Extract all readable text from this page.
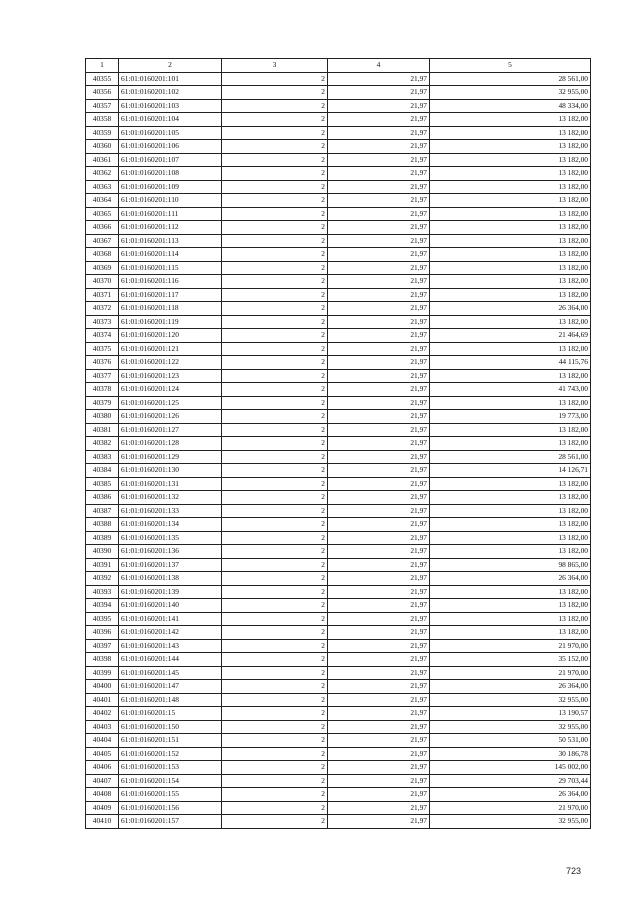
1	2	3	4	5
40355	61:01:0160201:101	2	21,97	28 561,00
40356	61:01:0160201:102	2	21,97	32 955,00
40357	61:01:0160201:103	2	21,97	48 334,00
40358	61:01:0160201:104	2	21,97	13 182,00
40359	61:01:0160201:105	2	21,97	13 182,00
40360	61:01:0160201:106	2	21,97	13 182,00
40361	61:01:0160201:107	2	21,97	13 182,00
40362	61:01:0160201:108	2	21,97	13 182,00
40363	61:01:0160201:109	2	21,97	13 182,00
40364	61:01:0160201:110	2	21,97	13 182,00
40365	61:01:0160201:111	2	21,97	13 182,00
40366	61:01:0160201:112	2	21,97	13 182,00
40367	61:01:0160201:113	2	21,97	13 182,00
40368	61:01:0160201:114	2	21,97	13 182,00
40369	61:01:0160201:115	2	21,97	13 182,00
40370	61:01:0160201:116	2	21,97	13 182,00
40371	61:01:0160201:117	2	21,97	13 182,00
40372	61:01:0160201:118	2	21,97	26 364,00
40373	61:01:0160201:119	2	21,97	13 182,00
40374	61:01:0160201:120	2	21,97	21 464,69
40375	61:01:0160201:121	2	21,97	13 182,00
40376	61:01:0160201:122	2	21,97	44 115,76
40377	61:01:0160201:123	2	21,97	13 182,00
40378	61:01:0160201:124	2	21,97	41 743,00
40379	61:01:0160201:125	2	21,97	13 182,00
40380	61:01:0160201:126	2	21,97	19 773,00
40381	61:01:0160201:127	2	21,97	13 182,00
40382	61:01:0160201:128	2	21,97	13 182,00
40383	61:01:0160201:129	2	21,97	28 561,00
40384	61:01:0160201:130	2	21,97	14 126,71
40385	61:01:0160201:131	2	21,97	13 182,00
40386	61:01:0160201:132	2	21,97	13 182,00
40387	61:01:0160201:133	2	21,97	13 182,00
40388	61:01:0160201:134	2	21,97	13 182,00
40389	61:01:0160201:135	2	21,97	13 182,00
40390	61:01:0160201:136	2	21,97	13 182,00
40391	61:01:0160201:137	2	21,97	98 865,00
40392	61:01:0160201:138	2	21,97	26 364,00
40393	61:01:0160201:139	2	21,97	13 182,00
40394	61:01:0160201:140	2	21,97	13 182,00
40395	61:01:0160201:141	2	21,97	13 182,00
40396	61:01:0160201:142	2	21,97	13 182,00
40397	61:01:0160201:143	2	21,97	21 970,00
40398	61:01:0160201:144	2	21,97	35 152,00
40399	61:01:0160201:145	2	21,97	21 970,00
40400	61:01:0160201:147	2	21,97	26 364,00
40401	61:01:0160201:148	2	21,97	32 955,00
40402	61:01:0160201:15	2	21,97	13 190,57
40403	61:01:0160201:150	2	21,97	32 955,00
40404	61:01:0160201:151	2	21,97	50 531,00
40405	61:01:0160201:152	2	21,97	30 186,78
40406	61:01:0160201:153	2	21,97	145 002,00
40407	61:01:0160201:154	2	21,97	29 703,44
40408	61:01:0160201:155	2	21,97	26 364,00
40409	61:01:0160201:156	2	21,97	21 970,00
40410	61:01:0160201:157	2	21,97	32 955,00
723
